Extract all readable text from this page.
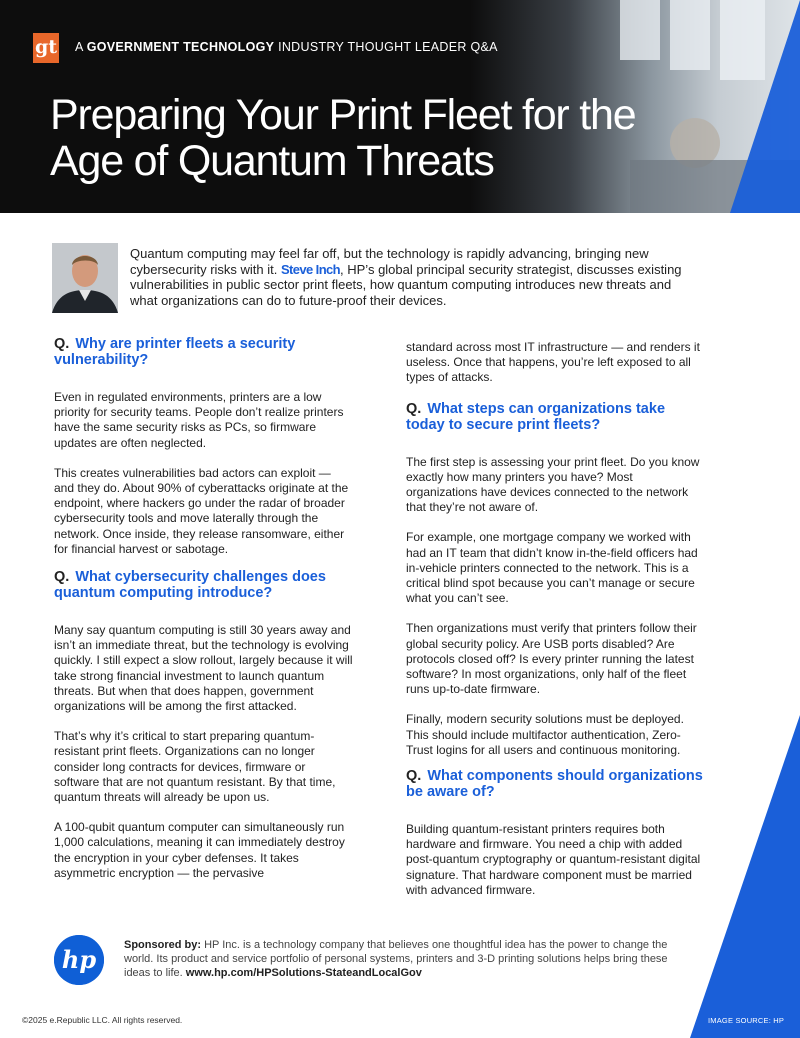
gt A GOVERNMENT TECHNOLOGY INDUSTRY THOUGHT LEADER Q&A
Preparing Your Print Fleet for the Age of Quantum Threats

Quantum computing may feel far off, but the technology is rapidly advancing, bringing new cybersecurity risks with it. Steve Inch, HP’s global principal security strategist, discusses existing vulnerabilities in public sector print fleets, how quantum computing introduces new threats and what organizations can do to future-proof their devices.

Q. Why are printer fleets a security vulnerability?

Even in regulated environments, printers are a low priority for security teams. People don’t realize printers have the same security risks as PCs, so firmware updates are often neglected.

This creates vulnerabilities bad actors can exploit — and they do. About 90% of cyberattacks originate at the endpoint, where hackers go under the radar of broader cybersecurity tools and move laterally through the network. Once inside, they release ransomware, either for financial harvest or sabotage.

Q. What cybersecurity challenges does quantum computing introduce?

Many say quantum computing is still 30 years away and isn’t an immediate threat, but the technology is evolving quickly. I still expect a slow rollout, largely because it will take strong financial investment to launch quantum threats. But when that does happen, government organizations will be among the first attacked.

That’s why it’s critical to start preparing quantum-resistant print fleets. Organizations can no longer consider long contracts for devices, firmware or software that are not quantum resistant. By that time, quantum threats will already be upon us.

A 100-qubit quantum computer can simultaneously run 1,000 calculations, meaning it can immediately destroy the encryption in your cyber defenses. It takes asymmetric encryption — the pervasive

standard across most IT infrastructure — and renders it useless. Once that happens, you’re left exposed to all types of attacks.

Q. What steps can organizations take today to secure print fleets?

The first step is assessing your print fleet. Do you know exactly how many printers you have? Most organizations have devices connected to the network that they’re not aware of.

For example, one mortgage company we worked with had an IT team that didn’t know in-the-field officers had in-vehicle printers connected to the network. This is a critical blind spot because you can’t manage or secure what you can’t see.

Then organizations must verify that printers follow their global security policy. Are USB ports disabled? Are protocols closed off? Is every printer running the latest software? In most organizations, only half of the fleet runs up-to-date firmware.

Finally, modern security solutions must be deployed. This should include multifactor authentication, Zero-Trust logins for all users and continuous monitoring.

Q. What components should organizations be aware of?

Building quantum-resistant printers requires both hardware and firmware. You need a chip with added post-quantum cryptography or quantum-resistant digital signature. That hardware component must be married with advanced firmware.

hp	Sponsored by: HP Inc. is a technology company that believes one thoughtful idea has the power to change the world. Its product and service portfolio of personal systems, printers and 3-D printing solutions helps bring these ideas to life. www.hp.com/HPSolutions-StateandLocalGov

©2025 e.Republic LLC. All rights reserved.	IMAGE SOURCE: HP
